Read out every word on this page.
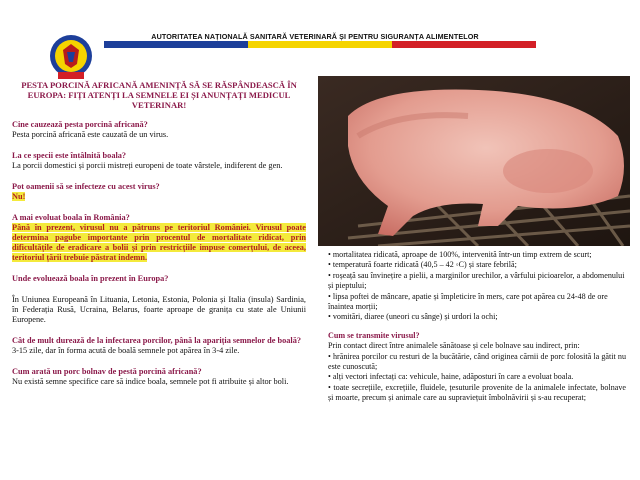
AUTORITATEA NAȚIONALĂ SANITARĂ VETERINARĂ ȘI PENTRU SIGURANȚA ALIMENTELOR

PESTA PORCINĂ AFRICANĂ AMENINȚĂ SĂ SE RĂSPÂNDEASCĂ ÎN EUROPA: FIȚI ATENȚI LA SEMNELE EI ȘI ANUNȚAȚI MEDICUL VETERINAR!

Cine cauzează pesta porcină africană?

Pesta porcină africană este cauzată de un virus.

La ce specii este întâlnită boala?

La porcii domestici și porcii mistreți europeni de toate vârstele, indiferent de gen.

Pot oamenii să se infecteze cu acest virus?

Nu!

A mai evoluat boala în România?

Până în prezent, virusul nu a pătruns pe teritoriul României. Virusul poate determina pagube importante prin procentul de mortalitate ridicat, prin dificultățile de eradicare a bolii și prin restricțiile impuse comerțului, de aceea, teritoriul țării trebuie păstrat indemn.

Unde evoluează boala în prezent în Europa?

În Uniunea Europeană în Lituania, Letonia, Estonia, Polonia și Italia (insula) Sardinia, în Federația Rusă, Ucraina, Belarus, foarte aproape de granița cu state ale Uniunii Europene.

Cât de mult durează de la infectarea porcilor, până la apariția semnelor de boală?

3-15 zile, dar în forma acută de boală semnele pot apărea în 3-4 zile.

Cum arată un porc bolnav de pestă porcină africană?

Nu există semne specifice care să indice boala, semnele pot fi atribuite și altor boli.

• mortalitatea ridicată, aproape de 100%, intervenită într-un timp extrem de scurt;

• temperatură foarte ridicată (40,5 – 42 ◦C) și stare febrilă;

• roșeață sau învinețire a pielii, a marginilor urechilor, a vârfului picioarelor, a abdomenului și pieptului;

• lipsa poftei de mâncare, apatie și împleticire în mers, care pot apărea cu 24-48 de ore înaintea morții;

• vomitări, diaree (uneori cu sânge) și urdori la ochi;

Cum se transmite virusul?

Prin contact direct între animalele sănătoase și cele bolnave sau indirect, prin:

• hrănirea porcilor cu resturi de la bucătărie, când originea cărnii de porc folosită la gătit nu este cunoscută;

• alți vectori infectați ca: vehicule, haine, adăposturi în care a evoluat boala.

• toate secrețiile, excrețiile, fluidele, țesuturile provenite de la animalele infectate, bolnave și moarte, precum și animale care au supraviețuit îmbolnăvirii și s-au recuperat;
